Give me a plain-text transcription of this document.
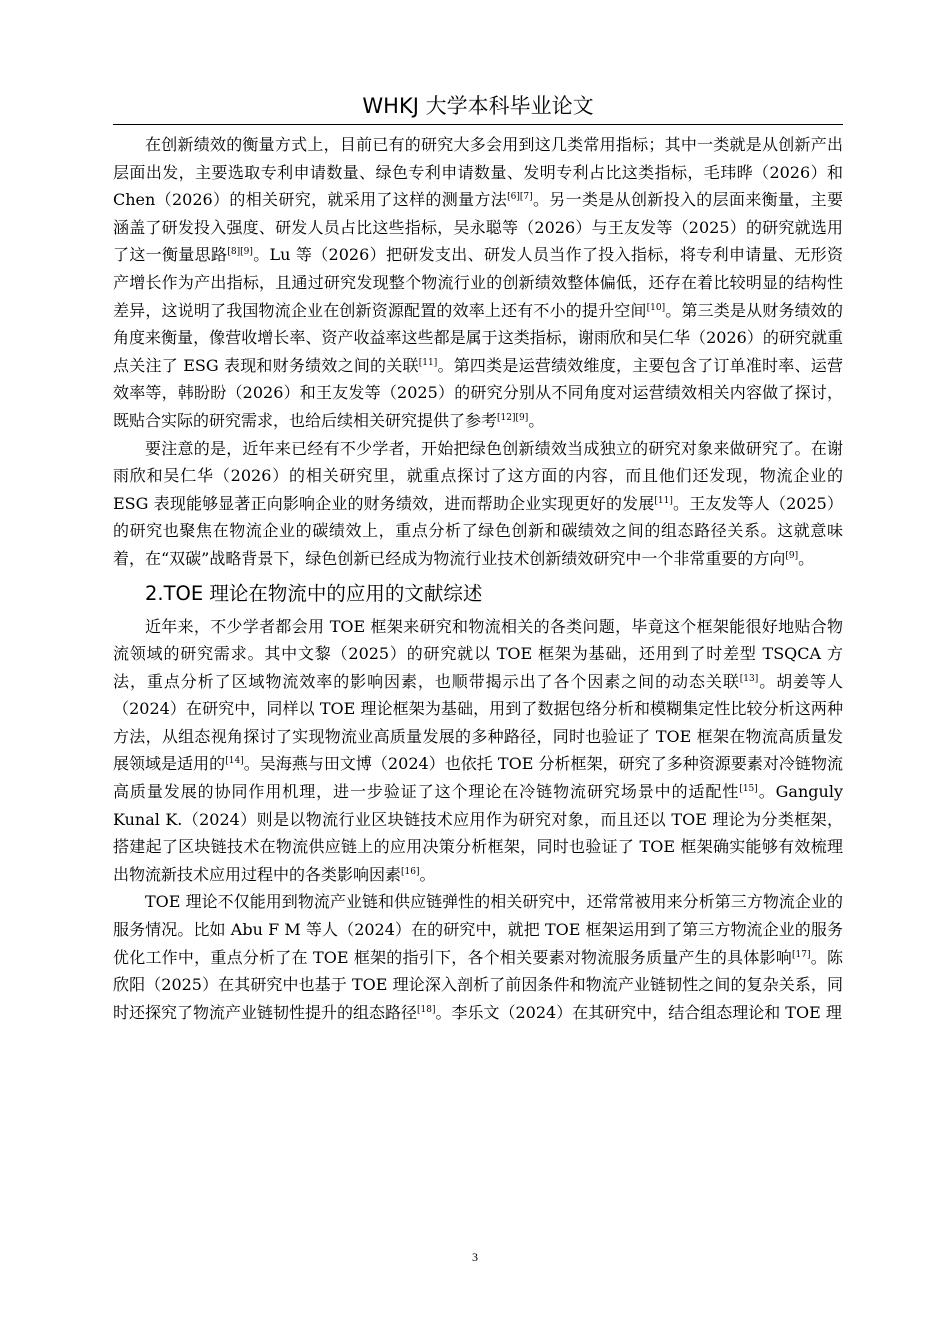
WHKJ 大学本科毕业论文

在创新绩效的衡量方式上，目前已有的研究大多会用到这几类常用指标；其中一类就是从创新产出层面出发，主要选取专利申请数量、绿色专利申请数量、发明专利占比这类指标，毛玮晔（2026）和 Chen（2026）的相关研究，就采用了这样的测量方法[6][7]。另一类是从创新投入的层面来衡量，主要涵盖了研发投入强度、研发人员占比这些指标，吴永聪等（2026）与王友发等（2025）的研究就选用了这一衡量思路[8][9]。Lu 等（2026）把研发支出、研发人员当作了投入指标，将专利申请量、无形资产增长作为产出指标，且通过研究发现整个物流行业的创新绩效整体偏低，还存在着比较明显的结构性差异，这说明了我国物流企业在创新资源配置的效率上还有不小的提升空间[10]。第三类是从财务绩效的角度来衡量，像营收增长率、资产收益率这些都是属于这类指标，谢雨欣和吴仁华（2026）的研究就重点关注了 ESG 表现和财务绩效之间的关联[11]。第四类是运营绩效维度，主要包含了订单准时率、运营效率等，韩盼盼（2026）和王友发等（2025）的研究分别从不同角度对运营绩效相关内容做了探讨，既贴合实际的研究需求，也给后续相关研究提供了参考[12][9]。

要注意的是，近年来已经有不少学者，开始把绿色创新绩效当成独立的研究对象来做研究了。在谢雨欣和吴仁华（2026）的相关研究里，就重点探讨了这方面的内容，而且他们还发现，物流企业的 ESG 表现能够显著正向影响企业的财务绩效，进而帮助企业实现更好的发展[11]。王友发等人（2025）的研究也聚焦在物流企业的碳绩效上，重点分析了绿色创新和碳绩效之间的组态路径关系。这就意味着，在“双碳”战略背景下，绿色创新已经成为物流行业技术创新绩效研究中一个非常重要的方向[9]。

2.TOE 理论在物流中的应用的文献综述

近年来，不少学者都会用 TOE 框架来研究和物流相关的各类问题，毕竟这个框架能很好地贴合物流领域的研究需求。其中文黎（2025）的研究就以 TOE 框架为基础，还用到了时差型 TSQCA 方法，重点分析了区域物流效率的影响因素，也顺带揭示出了各个因素之间的动态关联[13]。胡姜等人（2024）在研究中，同样以 TOE 理论框架为基础，用到了数据包络分析和模糊集定性比较分析这两种方法，从组态视角探讨了实现物流业高质量发展的多种路径，同时也验证了 TOE 框架在物流高质量发展领域是适用的[14]。吴海燕与田文博（2024）也依托 TOE 分析框架，研究了多种资源要素对冷链物流高质量发展的协同作用机理，进一步验证了这个理论在冷链物流研究场景中的适配性[15]。Ganguly Kunal K.（2024）则是以物流行业区块链技术应用作为研究对象，而且还以 TOE 理论为分类框架，搭建起了区块链技术在物流供应链上的应用决策分析框架，同时也验证了 TOE 框架确实能够有效梳理出物流新技术应用过程中的各类影响因素[16]。

TOE 理论不仅能用到物流产业链和供应链弹性的相关研究中，还常常被用来分析第三方物流企业的服务情况。比如 Abu F M 等人（2024）在的研究中，就把 TOE 框架运用到了第三方物流企业的服务优化工作中，重点分析了在 TOE 框架的指引下，各个相关要素对物流服务质量产生的具体影响[17]。陈欣阳（2025）在其研究中也基于 TOE 理论深入剖析了前因条件和物流产业链韧性之间的复杂关系，同时还探究了物流产业链韧性提升的组态路径[18]。李乐文（2024）在其研究中，结合组态理论和 TOE 理

3
